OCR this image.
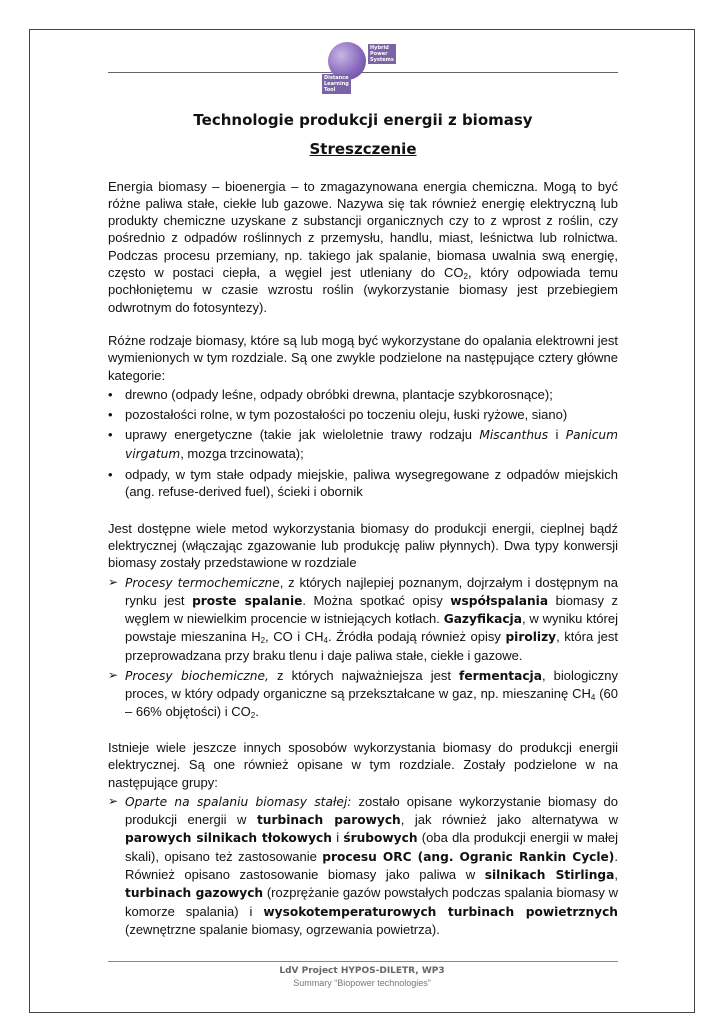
Hybrid
Power
Systems
Distance
Learning
Tool
Technologie produkcji energii z biomasy
Streszczenie

Energia biomasy – bioenergia – to zmagazynowana energia chemiczna. Mogą to być różne paliwa stałe, ciekłe lub gazowe. Nazywa się tak również energię elektryczną lub produkty chemiczne uzyskane z substancji organicznych czy to z wprost z roślin, czy pośrednio z odpadów roślinnych z przemysłu, handlu, miast, leśnictwa lub rolnictwa. Podczas procesu przemiany, np. takiego jak spalanie, biomasa uwalnia swą energię, często w postaci ciepła, a węgiel jest utleniany do $CO_2$, który odpowiada temu pochłoniętemu w czasie wzrostu roślin (wykorzystanie biomasy jest przebiegiem odwrotnym do fotosyntezy).

Różne rodzaje biomasy, które są lub mogą być wykorzystane do opalania elektrowni jest wymienionych w tym rozdziale. Są one zwykle podzielone na następujące cztery główne kategorie:

• drewno (odpady leśne, odpady obróbki drewna, plantacje szybkorosnące);
• pozostałości rolne, w tym pozostałości po toczeniu oleju, łuski ryżowe, siano)
• uprawy energetyczne (takie jak wieloletnie trawy rodzaju Miscanthus i Panicum virgatum, mozga trzcinowata);
• odpady, w tym stałe odpady miejskie, paliwa wysegregowane z odpadów miejskich (ang. refuse-derived fuel), ścieki i obornik

Jest dostępne wiele metod wykorzystania biomasy do produkcji energii, cieplnej bądź elektrycznej (włączając zgazowanie lub produkcję paliw płynnych). Dwa typy konwersji biomasy zostały przedstawione w rozdziale

➢ Procesy termochemiczne, z których najlepiej poznanym, dojrzałym i dostępnym na rynku jest proste spalanie. Można spotkać opisy współspalania biomasy z węglem w niewielkim procencie w istniejących kotłach. Gazyfikacja, w wyniku której powstaje mieszanina $H_2$, CO i $CH_4$. Źródła podają również opisy pirolizy, która jest przeprowadzana przy braku tlenu i daje paliwa stałe, ciekłe i gazowe.
➢ Procesy biochemiczne, z których najważniejsza jest fermentacja, biologiczny proces, w który odpady organiczne są przekształcane w gaz, np. mieszaninę $CH_4$ (60 – 66% objętości) i $CO_2$.

Istnieje wiele jeszcze innych sposobów wykorzystania biomasy do produkcji energii elektrycznej. Są one również opisane w tym rozdziale. Zostały podzielone w na następujące grupy:

➢ Oparte na spalaniu biomasy stałej: zostało opisane wykorzystanie biomasy do produkcji energii w turbinach parowych, jak również jako alternatywa w parowych silnikach tłokowych i śrubowych (oba dla produkcji energii w małej skali), opisano też zastosowanie procesu ORC (ang. Ogranic Rankin Cycle). Również opisano zastosowanie biomasy jako paliwa w silnikach Stirlinga, turbinach gazowych (rozprężanie gazów powstałych podczas spalania biomasy w komorze spalania) i wysokotemperaturowych turbinach powietrznych (zewnętrzne spalanie biomasy, ogrzewania powietrza).
LdV Project HYPOS-DILETR, WP3
Summary “Biopower technologies”
